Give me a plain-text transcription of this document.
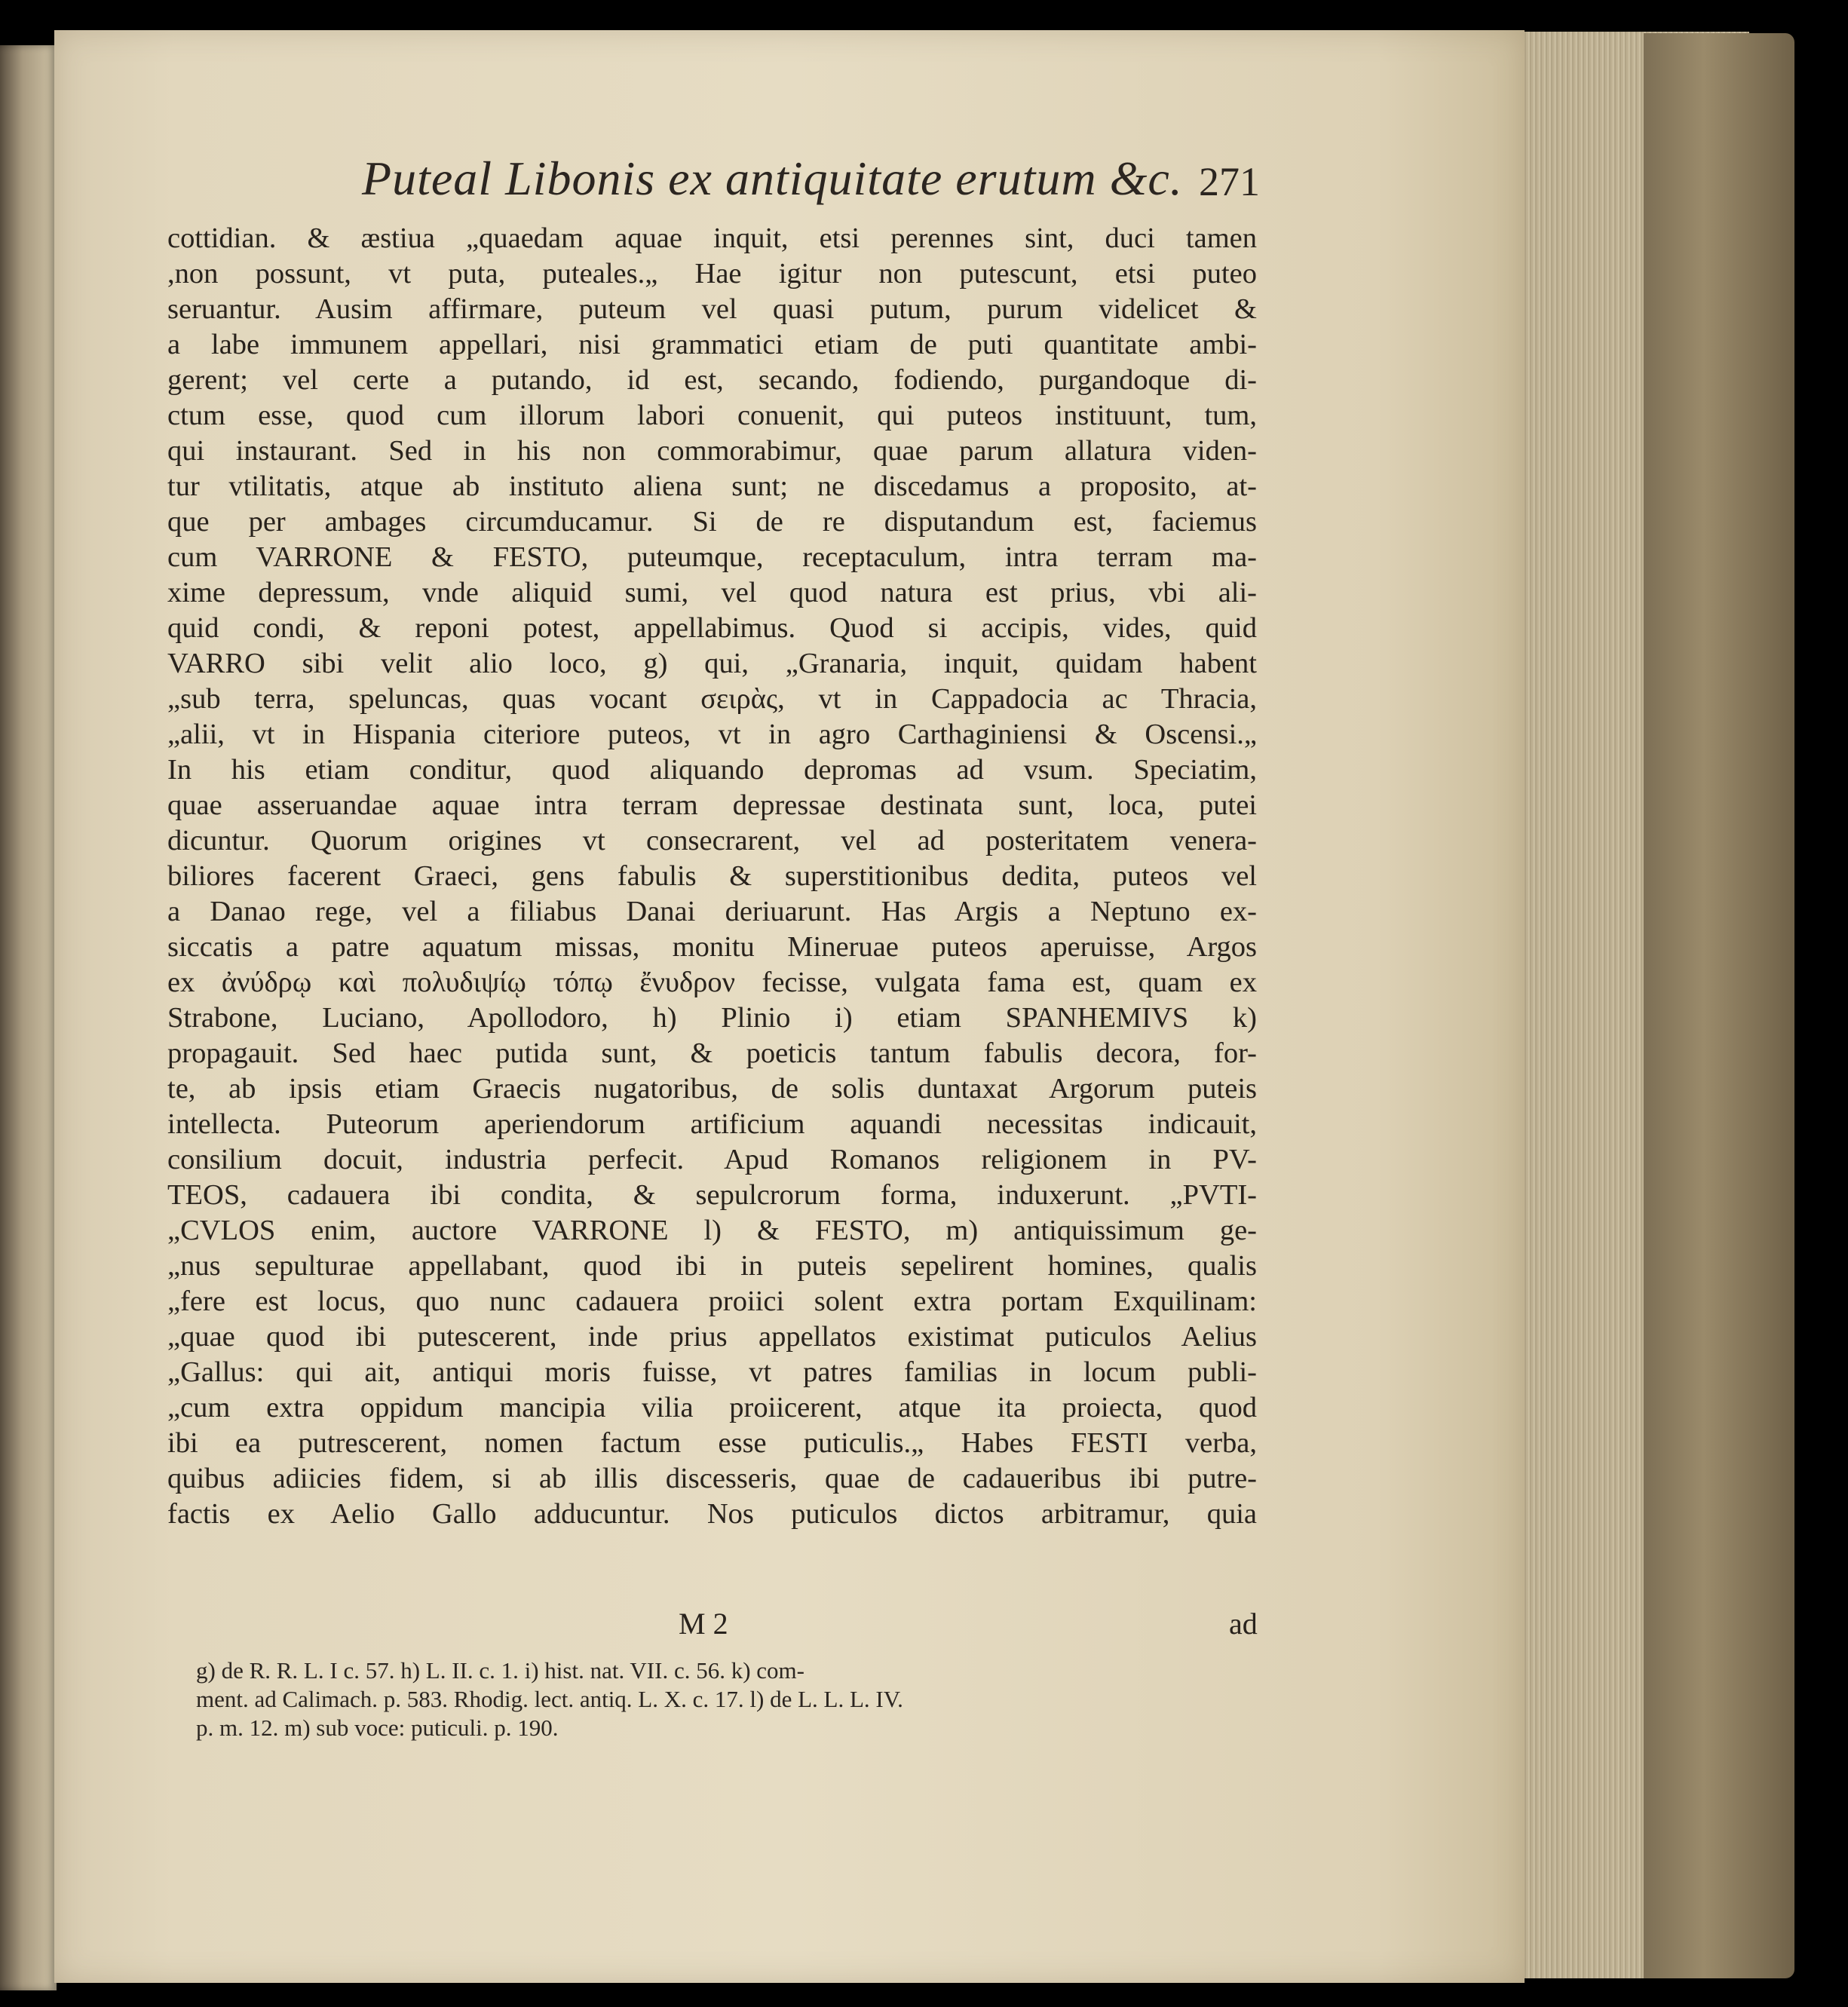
Puteal Libonis ex antiquitate erutum &c. 271
cottidian. & æstiua „quaedam aquae inquit, etsi perennes sint, duci tamen
,non possunt, vt puta, puteales.„ Hae igitur non putescunt, etsi puteo
seruantur. Ausim affirmare, puteum vel quasi putum, purum videlicet &
a labe immunem appellari, nisi grammatici etiam de puti quantitate ambi-
gerent; vel certe a putando, id est, secando, fodiendo, purgandoque di-
ctum esse, quod cum illorum labori conuenit, qui puteos instituunt, tum,
qui instaurant. Sed in his non commorabimur, quae parum allatura viden-
tur vtilitatis, atque ab instituto aliena sunt; ne discedamus a proposito, at-
que per ambages circumducamur. Si de re disputandum est, faciemus
cum VARRONE & FESTO, puteumque, receptaculum, intra terram ma-
xime depressum, vnde aliquid sumi, vel quod natura est prius, vbi ali-
quid condi, & reponi potest, appellabimus. Quod si accipis, vides, quid
VARRO sibi velit alio loco, g) qui, „Granaria, inquit, quidam habent
„sub terra, speluncas, quas vocant σειρὰς, vt in Cappadocia ac Thracia,
„alii, vt in Hispania citeriore puteos, vt in agro Carthaginiensi & Oscensi.„
In his etiam conditur, quod aliquando depromas ad vsum. Speciatim,
quae asseruandae aquae intra terram depressae destinata sunt, loca, putei
dicuntur. Quorum origines vt consecrarent, vel ad posteritatem venera-
biliores facerent Graeci, gens fabulis & superstitionibus dedita, puteos vel
a Danao rege, vel a filiabus Danai deriuarunt. Has Argis a Neptuno ex-
siccatis a patre aquatum missas, monitu Mineruae puteos aperuisse, Argos
ex ἀνύδρῳ καὶ πολυδιψίῳ τόπῳ ἔνυδρον fecisse, vulgata fama est, quam ex
Strabone, Luciano, Apollodoro, h) Plinio i) etiam SPANHEMIVS k)
propagauit. Sed haec putida sunt, & poeticis tantum fabulis decora, for-
te, ab ipsis etiam Graecis nugatoribus, de solis duntaxat Argorum puteis
intellecta. Puteorum aperiendorum artificium aquandi necessitas indicauit,
consilium docuit, industria perfecit. Apud Romanos religionem in PV-
TEOS, cadauera ibi condita, & sepulcrorum forma, induxerunt. „PVTI-
„CVLOS enim, auctore VARRONE l) & FESTO, m) antiquissimum ge-
„nus sepulturae appellabant, quod ibi in puteis sepelirent homines, qualis
„fere est locus, quo nunc cadauera proiici solent extra portam Exquilinam:
„quae quod ibi putescerent, inde prius appellatos existimat puticulos Aelius
„Gallus: qui ait, antiqui moris fuisse, vt patres familias in locum publi-
„cum extra oppidum mancipia vilia proiicerent, atque ita proiecta, quod
ibi ea putrescerent, nomen factum esse puticulis.„ Habes FESTI verba,
quibus adiicies fidem, si ab illis discesseris, quae de cadaueribus ibi putre-
factis ex Aelio Gallo adducuntur. Nos puticulos dictos arbitramur, quia
g) de R. R. L. I c. 57. h) L. II. c. 1. i) hist. nat. VII. c. 56. k) com-
ment. ad Calimach. p. 583. Rhodig. lect. antiq. L. X. c. 17. l) de L. L. L. IV.
p. m. 12. m) sub voce: puticuli. p. 190.
M 2	ad
